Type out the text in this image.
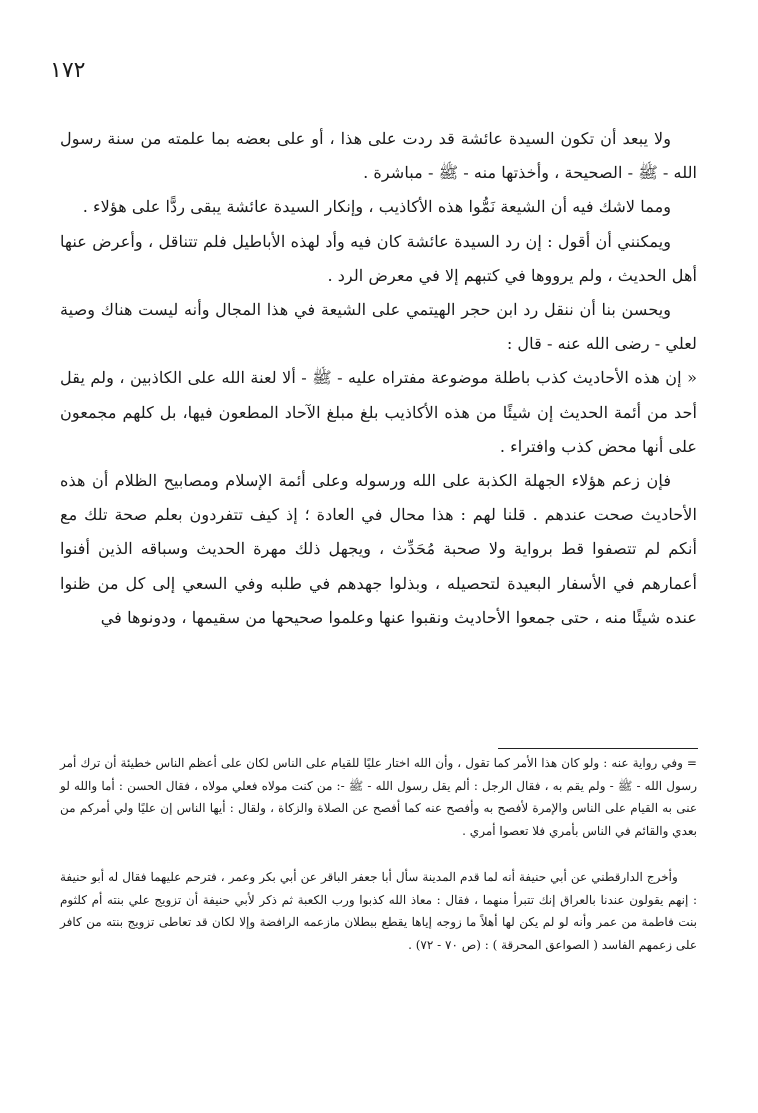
١٧٢

ولا يبعد أن تكون السيدة عائشة قد ردت على هذا ، أو على بعضه بما علمته من سنة رسول الله - ﷺ - الصحيحة ، وأخذتها منه - ﷺ - مباشرة .

ومما لاشك فيه أن الشيعة نَمُّوا هذه الأكاذيب ، وإنكار السيدة عائشة يبقى ردًّا على هؤلاء .

ويمكنني أن أقول : إن رد السيدة عائشة كان فيه وأد لهذه الأباطيل فلم تتناقل ، وأعرض عنها أهل الحديث ، ولم يرووها في كتبهم إلا في معرض الرد .

ويحسن بنا أن ننقل رد ابن حجر الهيتمي على الشيعة في هذا المجال وأنه ليست هناك وصية لعلي - رضى الله عنه - قال :

« إن هذه الأحاديث كذب باطلة موضوعة مفتراه عليه - ﷺ - ألا لعنة الله على الكاذبين ، ولم يقل أحد من أئمة الحديث إن شيئًا من هذه الأكاذيب بلغ مبلغ الآحاد المطعون فيها، بل كلهم مجمعون على أنها محض كذب وافتراء .

فإن زعم هؤلاء الجهلة الكذبة على الله ورسوله وعلى أئمة الإسلام ومصابيح الظلام أن هذه الأحاديث صحت عندهم . قلنا لهم : هذا محال في العادة ؛ إذ كيف تتفردون بعلم صحة تلك مع أنكم لم تتصفوا قط برواية ولا صحبة مُحَدِّث ، ويجهل ذلك مهرة الحديث وسباقه الذين أفنوا أعمارهم في الأسفار البعيدة لتحصيله ، وبذلوا جهدهم في طلبه وفي السعي إلى كل من ظنوا عنده شيئًا منه ، حتى جمعوا الأحاديث ونقبوا عنها وعلموا صحيحها من سقيمها ، ودونوها في

= وفي رواية عنه : ولو كان هذا الأمر كما تقول ، وأن الله اختار عليًا للقيام على الناس لكان على أعظم الناس خطيئة أن ترك أمر رسول الله - ﷺ - ولم يقم به ، فقال الرجل : ألم يقل رسول الله - ﷺ -: من كنت مولاه فعلي مولاه ، فقال الحسن : أما والله لو عنى به القيام على الناس والإمرة لأفصح به وأفصح عنه كما أفصح عن الصلاة والزكاة ، ولقال : أيها الناس إن عليًا ولي أمركم من بعدي والقائم في الناس بأمري فلا تعصوا أمري .

وأخرج الدارقطني عن أبي حنيفة أنه لما قدم المدينة سأل أبا جعفر الباقر عن أبي بكر وعمر ، فترحم عليهما فقال له أبو حنيفة : إنهم يقولون عندنا بالعراق إنك تتبرأ منهما ، فقال : معاذ الله كذبوا ورب الكعبة ثم ذكر لأبي حنيفة أن تزويج علي بنته أم كلثوم بنت فاطمة من عمر وأنه لو لم يكن لها أهلاً ما زوجه إياها يقطع ببطلان مازعمه الرافضة وإلا لكان قد تعاطى تزويج بنته من كافر على زعمهم الفاسد ( الصواعق المحرقة ) : (ص ٧٠ - ٧٢) .
